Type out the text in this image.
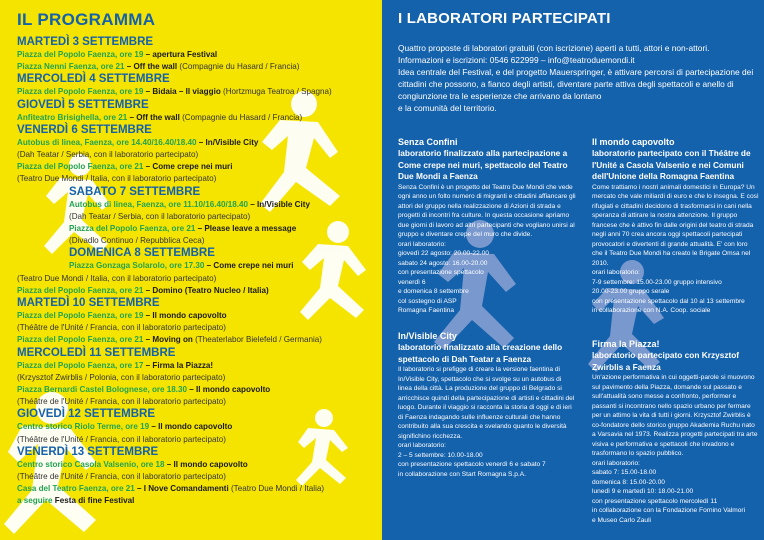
IL PROGRAMMA
MARTEDÌ 3 SETTEMBRE
Piazza del Popolo Faenza, ore 19 – apertura Festival
Piazza Nenni Faenza, ore 21 – Off the wall (Compagnie du Hasard / Francia)
MERCOLEDÌ 4 SETTEMBRE
Piazza del Popolo Faenza, ore 19 – Bidaia – Il viaggio (Hortzmuga Teatroa / Spagna)
GIOVEDÌ 5 SETTEMBRE
Anfiteatro Brisighella, ore 21 – Off the wall (Compagnie du Hasard / Francia)
VENERDÌ 6 SETTEMBRE
Autobus di linea, Faenza, ore 14.40/16.40/18.40 – In/Visible City
(Dah Teatar / Serbia, con il laboratorio partecipato)
Piazza del Popolo Faenza, ore 21 – Come crepe nei muri
(Teatro Due Mondi / Italia, con il laboratorio partecipato)
SABATO 7 SETTEMBRE
Autobus di linea, Faenza, ore 11.10/16.40/18.40 – In/Visible City
(Dah Teatar / Serbia, con il laboratorio partecipato)
Piazza del Popolo Faenza, ore 21 – Please leave a message
(Divadlo Continuo / Repubblica Ceca)
DOMENICA 8 SETTEMBRE
Piazza Gonzaga Solarolo, ore 17.30 – Come crepe nei muri
(Teatro Due Mondi / Italia, con il laboratorio partecipato)
Piazza del Popolo Faenza, ore 21 – Domino (Teatro Nucleo / Italia)
MARTEDÌ 10 SETTEMBRE
Piazza del Popolo Faenza, ore 19 – Il mondo capovolto
(Théâtre de l'Unité / Francia, con il laboratorio partecipato)
Piazza del Popolo Faenza, ore 21 – Moving on (Theaterlabor Bielefeld / Germania)
MERCOLEDÌ 11 SETTEMBRE
Piazza del Popolo Faenza, ore 17 – Firma la Piazza!
(Krzysztof Zwirblis / Polonia, con il laboratorio partecipato)
Piazza Bernardi Castel Bolognese, ore 18.30 – Il mondo capovolto
(Théâtre de l'Unité / Francia, con il laboratorio partecipato)
GIOVEDÌ 12 SETTEMBRE
Centro storico Riolo Terme, ore 19 – Il mondo capovolto
(Théâtre de l'Unité / Francia, con il laboratorio partecipato)
VENERDÌ 13 SETTEMBRE
Centro storico Casola Valsenio, ore 18 – Il mondo capovolto
(Théâtre de l'Unité / Francia, con il laboratorio partecipato)
Casa del Teatro Faenza, ore 21 – I Nove Comandamenti (Teatro Due Mondi / Italia)
a seguire Festa di fine Festival
I LABORATORI PARTECIPATI

Quattro proposte di laboratori gratuiti (con iscrizione) aperti a tutti, attori e non-attori.

Informazioni e iscrizioni: 0546 622999 – info@teatroduemondi.it

Idea centrale del Festival, e del progetto Mauerspringer, è attivare percorsi di partecipazione dei cittadini che possono, a fianco degli artisti, diventare parte attiva degli spettacoli e anello di congiunzione tra le esperienze che arrivano da lontano

e la comunità del territorio.

Senza Confini
laboratorio finalizzato alla partecipazione a Come crepe nei muri, spettacolo del Teatro Due Mondi a Faenza

Senza Confini è un progetto del Teatro Due Mondi che vede ogni anno un folto numero di migranti e cittadini affiancare gli attori del gruppo nella realizzazione di Azioni di strada e progetti di incontri fra culture. In questa occasione apriamo due giorni di lavoro ad altri partecipanti che vogliano unirsi al gruppo e diventare crepe del muro che divide.

orari laboratorio:
giovedì 22 agosto: 20.00-22.00
sabato 24 agosto: 16.00-20.00
con presentazione spettacolo
venerdì 6
e domenica 8 settembre
col sostegno di ASP
Romagna Faentina
In/Visible City
laboratorio finalizzato alla creazione dello spettacolo di Dah Teatar a Faenza

Il laboratorio si prefigge di creare la versione faentina di In/Visible City, spettacolo che si svolge su un autobus di linea della città. La produzione del gruppo di Belgrado si arricchisce quindi della partecipazione di artisti e cittadini del luogo. Durante il viaggio si racconta la storia di oggi e di ieri di Faenza indagando sulle influenze culturali che hanno contribuito alla sua crescita e svelando quanto le diversità significhino ricchezza.

orari laboratorio:
2 – 5 settembre: 10.00-18.00
con presentazione spettacolo venerdì 6 e sabato 7
in collaborazione con Start Romagna S.p.A.
Il mondo capovolto
laboratorio partecipato con il Théâtre de l'Unité a Casola Valsenio e nei Comuni dell'Unione della Romagna Faentina

Come trattiamo i nostri animali domestici in Europa? Un mercato che vale miliardi di euro e che lo insegna. E così rifugiati e cittadini decidono di trasformarsi in cani nella speranza di attirare la nostra attenzione. Il gruppo francese che è attivo fin dalle origini del teatro di strada negli anni 70 crea ancora oggi spettacoli partecipati provocatori e divertenti di grande attualità. E' con loro che il Teatro Due Mondi ha creato le Brigate Omsa nel 2010.

orari laboratorio:
7-9 settembre: 15.00-23.00 gruppo intensivo
20.00-23.00 gruppo serale
con presentazione spettacolo dal 10 al 13 settembre
in collaborazione con N.A. Coop. sociale
Firma la Piazza!
laboratorio partecipato con Krzysztof Zwirblis a Faenza

Un'azione performativa in cui oggetti-parole si muovono sul pavimento della Piazza, domande sul passato e sull'attualità sono messe a confronto, performer e passanti si incontrano nello spazio urbano per fermare per un attimo la vita di tutti i giorni. Krzysztof Zwirblis è co-fondatore dello storico gruppo Akademia Ruchu nato a Varsavia nel 1973. Realizza progetti partecipati tra arte visiva e performativa e spettacoli che invadono e trasformano lo spazio pubblico.

orari laboratorio:
sabato 7: 15.00-18.00
domenica 8: 15.00-20.00
lunedì 9 e martedì 10: 18.00-21.00
con presentazione spettacolo mercoledì 11
in collaborazione con la Fondazione Fornino Valmori
e Museo Carlo Zauli
